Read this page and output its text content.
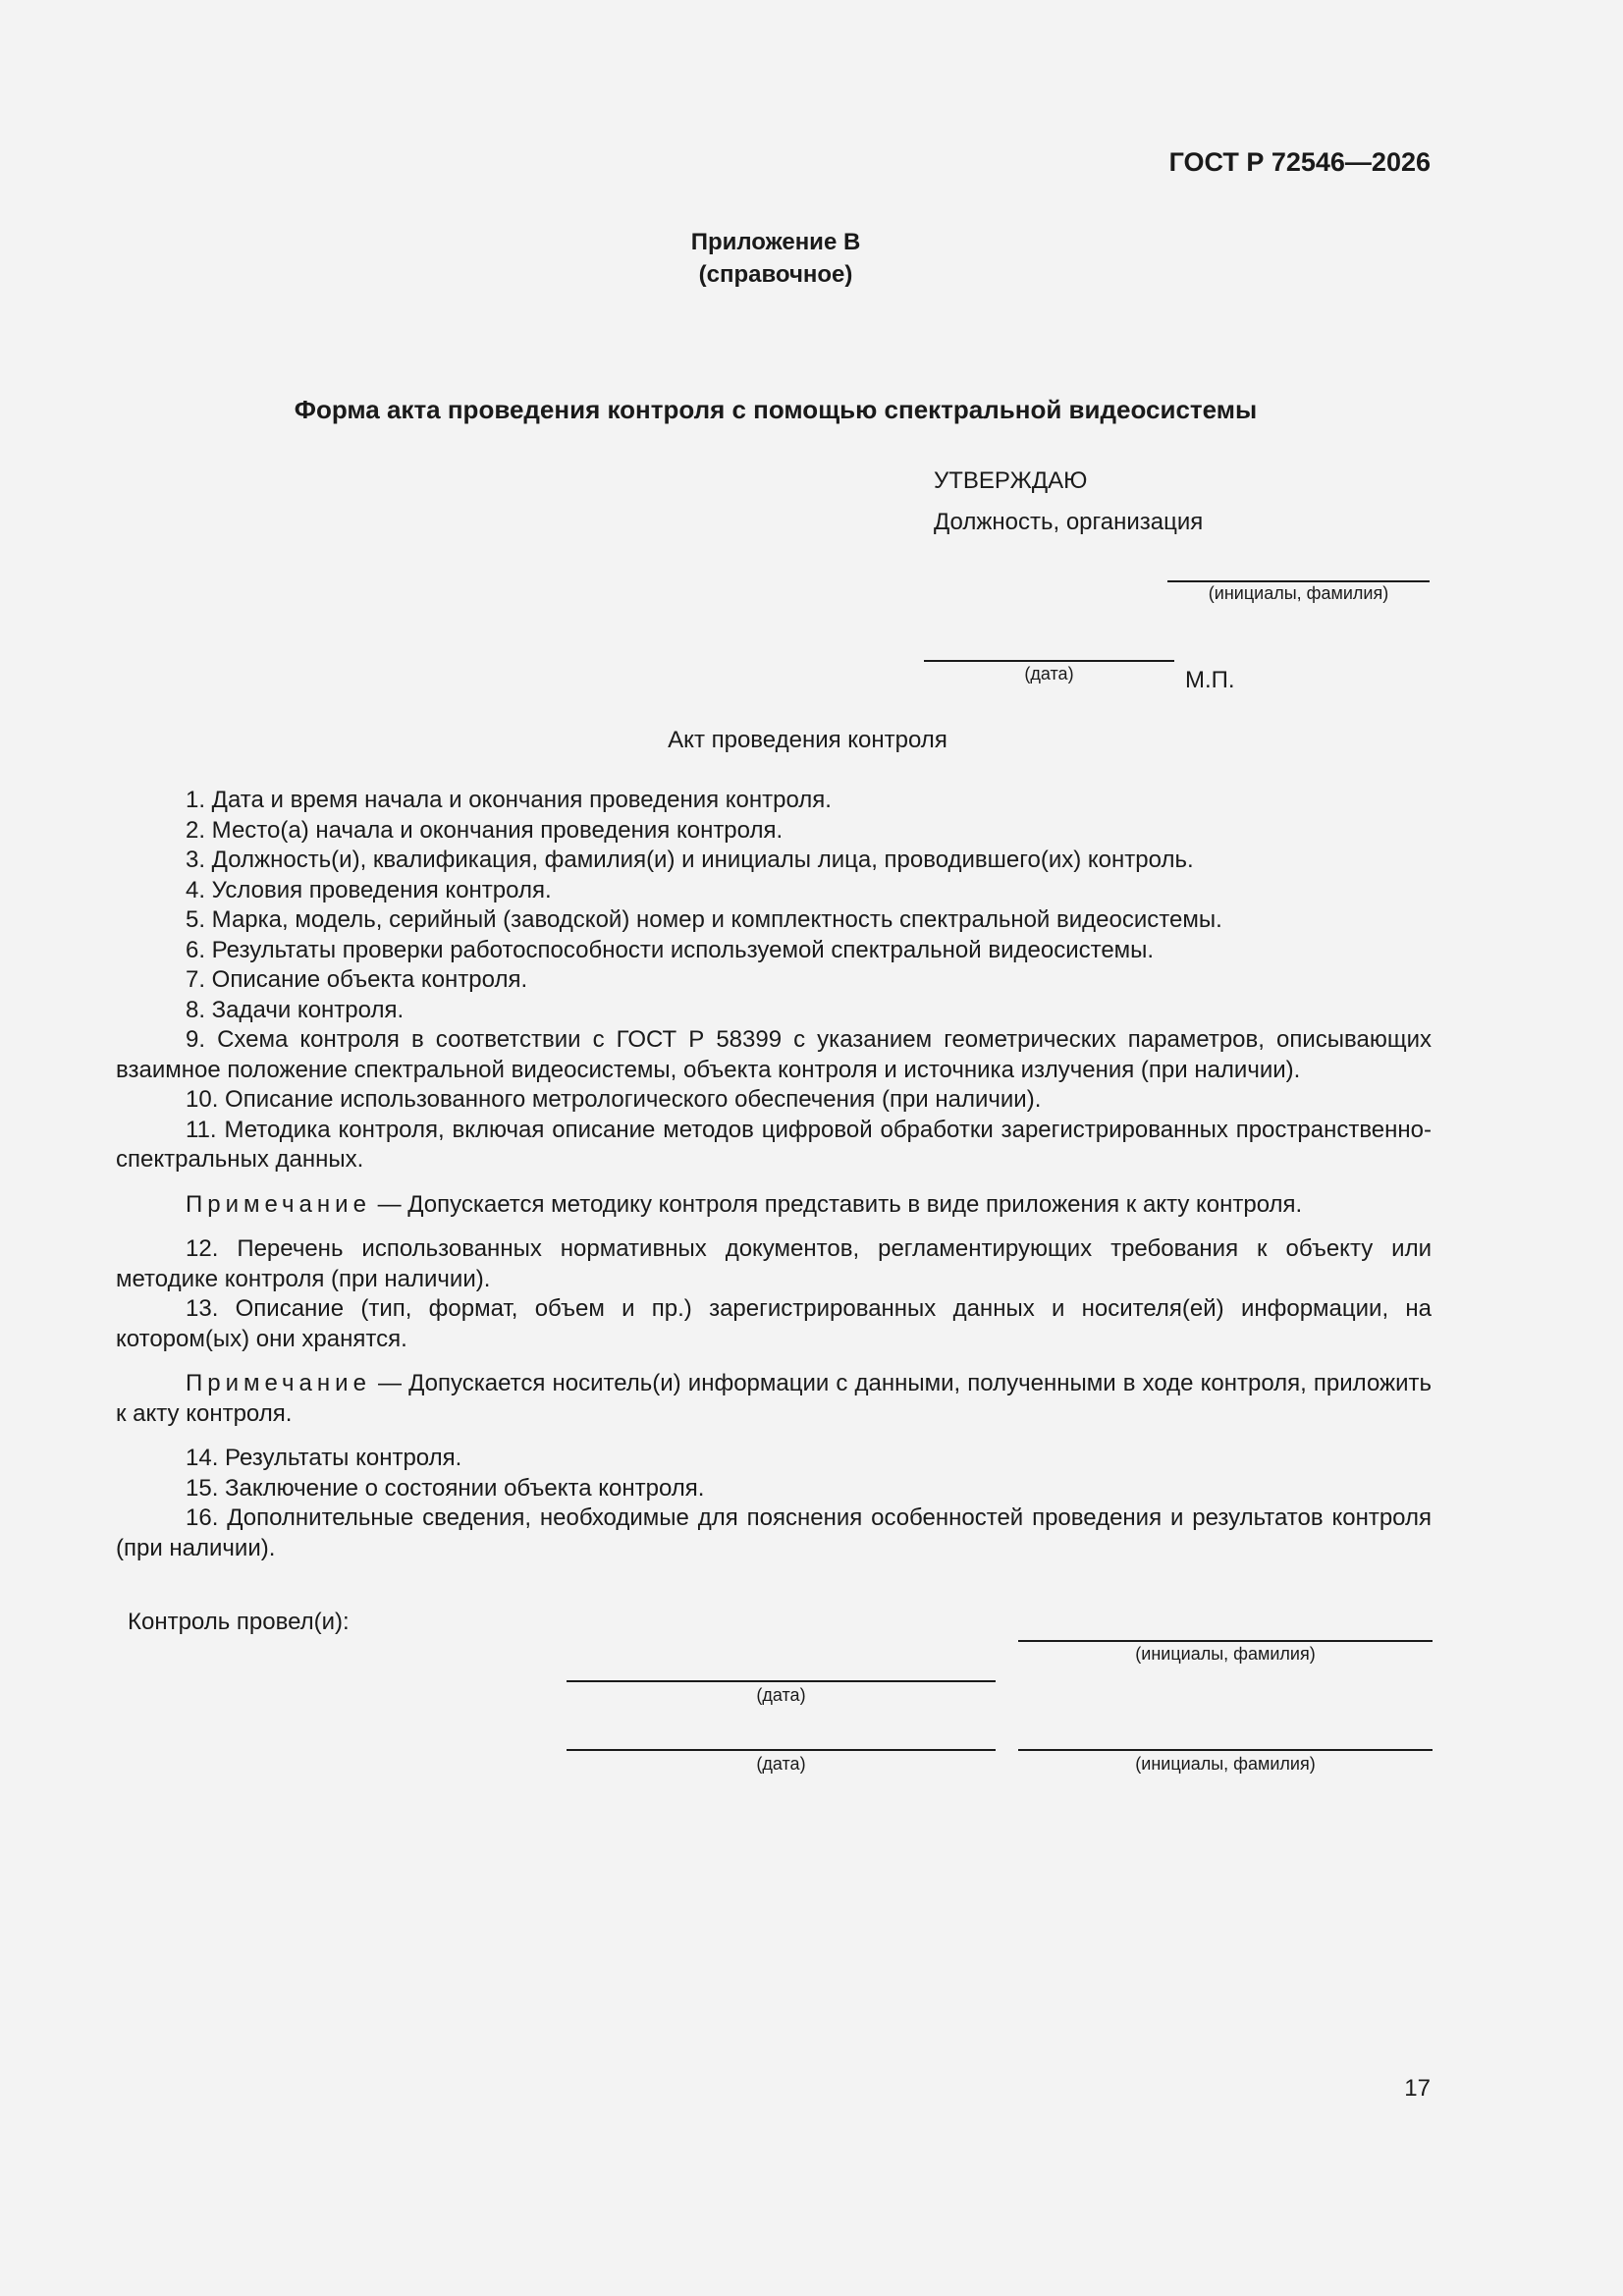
ГОСТ Р 72546—2026
Приложение В
(справочное)
Форма акта проведения контроля с помощью спектральной видеосистемы
УТВЕРЖДАЮ
Должность, организация
(инициалы, фамилия)
(дата)	М.П.
Акт проведения контроля

1. Дата и время начала и окончания проведения контроля.

2. Место(а) начала и окончания проведения контроля.

3. Должность(и), квалификация, фамилия(и) и инициалы лица, проводившего(их) контроль.

4. Условия проведения контроля.

5. Марка, модель, серийный (заводской) номер и комплектность спектральной видеосистемы.

6. Результаты проверки работоспособности используемой спектральной видеосистемы.

7. Описание объекта контроля.

8. Задачи контроля.

9. Схема контроля в соответствии с ГОСТ Р 58399 с указанием геометрических параметров, описывающих взаимное положение спектральной видеосистемы, объекта контроля и источника излучения (при наличии).

10. Описание использованного метрологического обеспечения (при наличии).

11. Методика контроля, включая описание методов цифровой обработки зарегистрированных пространственно-спектральных данных.

Примечание — Допускается методику контроля представить в виде приложения к акту контроля.

12. Перечень использованных нормативных документов, регламентирующих требования к объекту или методике контроля (при наличии).

13. Описание (тип, формат, объем и пр.) зарегистрированных данных и носителя(ей) информации, на котором(ых) они хранятся.

Примечание — Допускается носитель(и) информации с данными, полученными в ходе контроля, приложить к акту контроля.

14. Результаты контроля.

15. Заключение о состоянии объекта контроля.

16. Дополнительные сведения, необходимые для пояснения особенностей проведения и результатов контроля (при наличии).

Контроль провел(и):
(инициалы, фамилия)
(дата)
(дата)	(инициалы, фамилия)
17
